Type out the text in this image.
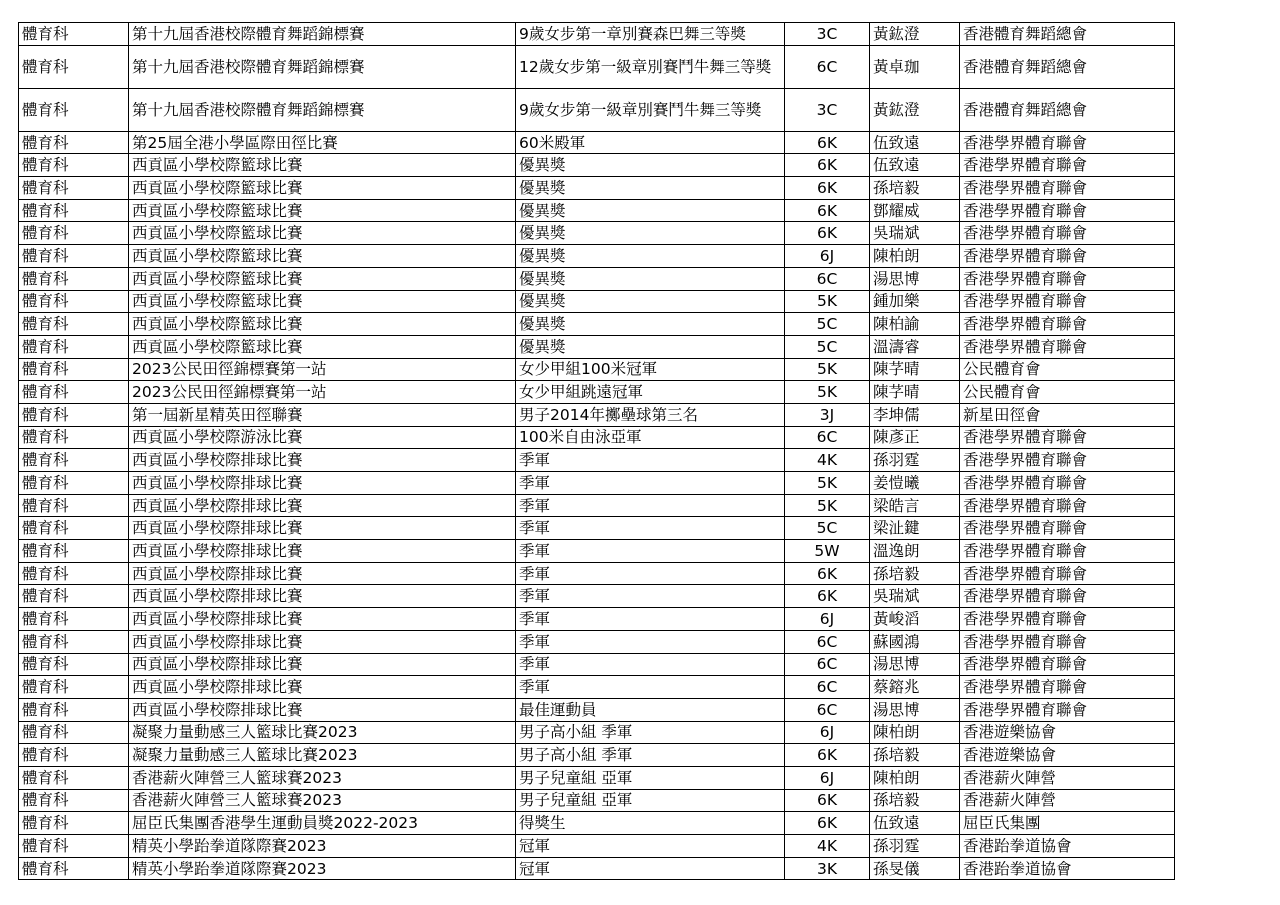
體育科	第十九屆香港校際體育舞蹈錦標賽	9歲女步第一章別賽森巴舞三等獎	3C	黃鈜澄	香港體育舞蹈總會
體育科	第十九屆香港校際體育舞蹈錦標賽	12歲女步第一級章別賽鬥牛舞三等獎	6C	黃卓珈	香港體育舞蹈總會
體育科	第十九屆香港校際體育舞蹈錦標賽	9歲女步第一級章別賽鬥牛舞三等獎	3C	黃鈜澄	香港體育舞蹈總會
體育科	第25屆全港小學區際田徑比賽	60米殿軍	6K	伍致遠	香港學界體育聯會
體育科	西貢區小學校際籃球比賽	優異獎	6K	伍致遠	香港學界體育聯會
體育科	西貢區小學校際籃球比賽	優異獎	6K	孫培毅	香港學界體育聯會
體育科	西貢區小學校際籃球比賽	優異獎	6K	鄧耀威	香港學界體育聯會
體育科	西貢區小學校際籃球比賽	優異獎	6K	吳瑞斌	香港學界體育聯會
體育科	西貢區小學校際籃球比賽	優異獎	6J	陳柏朗	香港學界體育聯會
體育科	西貢區小學校際籃球比賽	優異獎	6C	湯思博	香港學界體育聯會
體育科	西貢區小學校際籃球比賽	優異獎	5K	鍾加樂	香港學界體育聯會
體育科	西貢區小學校際籃球比賽	優異獎	5C	陳柏諭	香港學界體育聯會
體育科	西貢區小學校際籃球比賽	優異獎	5C	溫濤睿	香港學界體育聯會
體育科	2023公民田徑錦標賽第一站	女少甲組100米冠軍	5K	陳芓晴	公民體育會
體育科	2023公民田徑錦標賽第一站	女少甲組跳遠冠軍	5K	陳芓晴	公民體育會
體育科	第一屆新星精英田徑聯賽	男子2014年擲壘球第三名	3J	李坤儒	新星田徑會
體育科	西貢區小學校際游泳比賽	100米自由泳亞軍	6C	陳彥正	香港學界體育聯會
體育科	西貢區小學校際排球比賽	季軍	4K	孫羽霆	香港學界體育聯會
體育科	西貢區小學校際排球比賽	季軍	5K	姜愷曦	香港學界體育聯會
體育科	西貢區小學校際排球比賽	季軍	5K	梁皓言	香港學界體育聯會
體育科	西貢區小學校際排球比賽	季軍	5C	梁沚鍵	香港學界體育聯會
體育科	西貢區小學校際排球比賽	季軍	5W	溫逸朗	香港學界體育聯會
體育科	西貢區小學校際排球比賽	季軍	6K	孫培毅	香港學界體育聯會
體育科	西貢區小學校際排球比賽	季軍	6K	吳瑞斌	香港學界體育聯會
體育科	西貢區小學校際排球比賽	季軍	6J	黃峻滔	香港學界體育聯會
體育科	西貢區小學校際排球比賽	季軍	6C	蘇國鴻	香港學界體育聯會
體育科	西貢區小學校際排球比賽	季軍	6C	湯思博	香港學界體育聯會
體育科	西貢區小學校際排球比賽	季軍	6C	蔡鎔兆	香港學界體育聯會
體育科	西貢區小學校際排球比賽	最佳運動員	6C	湯思博	香港學界體育聯會
體育科	凝聚力量動感三人籃球比賽2023	男子高小組 季軍	6J	陳柏朗	香港遊樂協會
體育科	凝聚力量動感三人籃球比賽2023	男子高小組 季軍	6K	孫培毅	香港遊樂協會
體育科	香港薪火陣營三人籃球賽2023	男子兒童組 亞軍	6J	陳柏朗	香港薪火陣營
體育科	香港薪火陣營三人籃球賽2023	男子兒童組 亞軍	6K	孫培毅	香港薪火陣營
體育科	屈臣氏集團香港學生運動員獎2022-2023	得獎生	6K	伍致遠	屈臣氏集團
體育科	精英小學跆拳道隊際賽2023	冠軍	4K	孫羽霆	香港跆拳道協會
體育科	精英小學跆拳道隊際賽2023	冠軍	3K	孫旻儀	香港跆拳道協會
